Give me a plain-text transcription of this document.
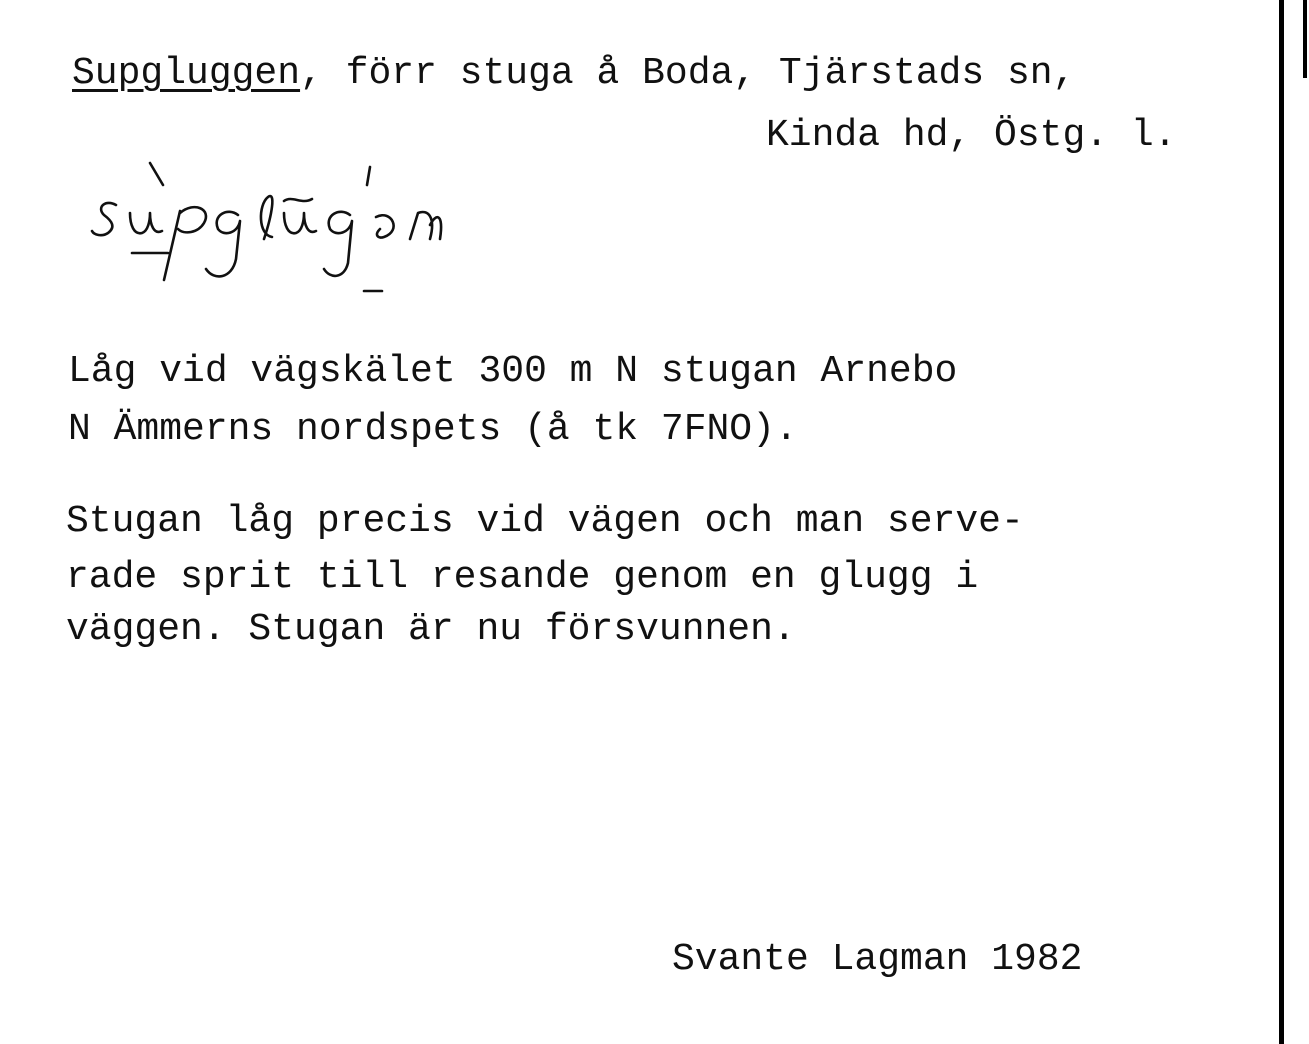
Supgluggen, förr stuga å Boda, Tjärstads sn,
Kinda hd, Östg. l.
Låg vid vägskälet 300 m N stugan Arnebo
N Ämmerns nordspets (å tk 7FNO).
Stugan låg precis vid vägen och man serve-
rade sprit till resande genom en glugg i
väggen. Stugan är nu försvunnen.
Svante Lagman 1982
